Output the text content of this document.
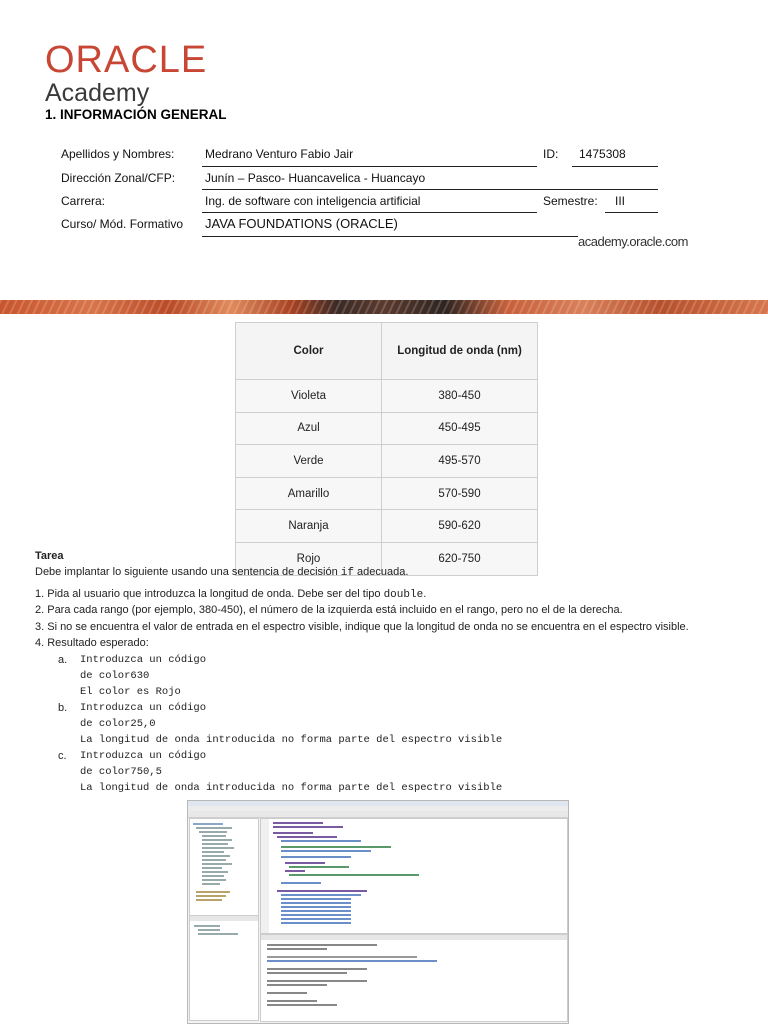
ORACLE
Academy
1. INFORMACIÓN GENERAL
Apellidos y Nombres:	Medrano Venturo Fabio Jair	ID: 1475308
Dirección Zonal/CFP: Junín – Pasco- Huancavelica - Huancayo
Carrera:	Ing. de software con inteligencia artificial	Semestre: III
Curso/ Mód. Formativo JAVA FOUNDATIONS (ORACLE)
academy.oracle.com
Color	Longitud de onda (nm)
Violeta	380-450
Azul	450-495
Verde	495-570
Amarillo	570-590
Naranja	590-620
Rojo	620-750
Tarea
Debe implantar lo siguiente usando una sentencia de decisión if adecuada.
1. Pida al usuario que introduzca la longitud de onda. Debe ser del tipo double.
2. Para cada rango (por ejemplo, 380-450), el número de la izquierda está incluido en el rango, pero no el de la derecha.
3. Si no se encuentra el valor de entrada en el espectro visible, indique que la longitud de onda no se encuentra en el espectro visible.
4. Resultado esperado:
a. Introduzca un código
de color630
El color es Rojo
b. Introduzca un código
de color25,0
La longitud de onda introducida no forma parte del espectro visible
c. Introduzca un código
de color750,5
La longitud de onda introducida no forma parte del espectro visible
